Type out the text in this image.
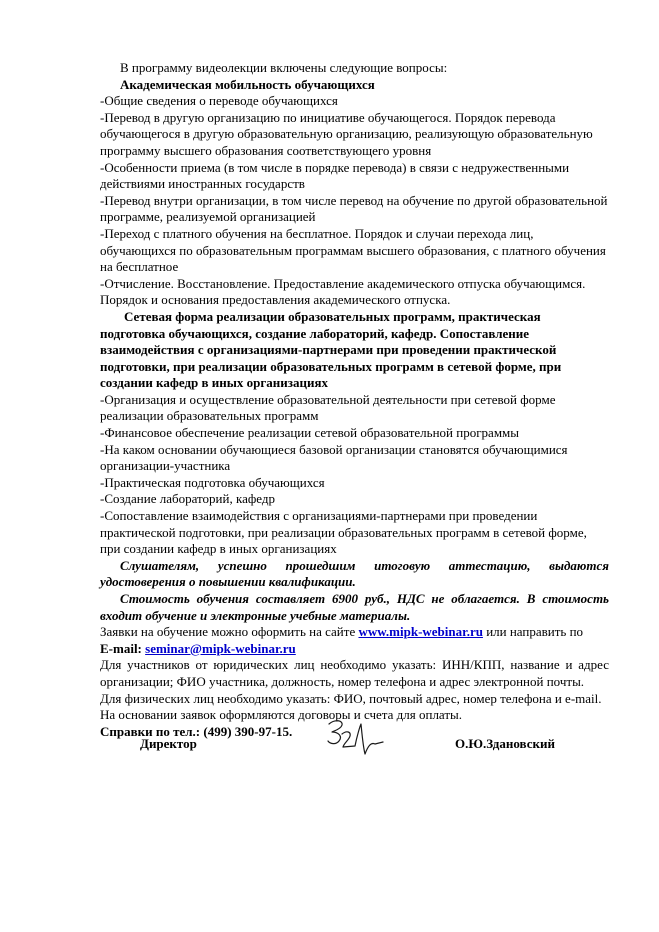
В программу видеолекции включены следующие вопросы:

Академическая мобильность обучающихся

-Общие сведения о переводе обучающихся

-Перевод в другую организацию по инициативе обучающегося. Порядок перевода обучающегося в другую образовательную организацию, реализующую образовательную программу высшего образования соответствующего уровня

-Особенности приема (в том числе в порядке перевода) в связи с недружественными действиями иностранных государств

-Перевод внутри организации, в том числе перевод на обучение по другой образовательной программе, реализуемой организацией

-Переход с платного обучения на бесплатное. Порядок и случаи перехода лиц, обучающихся по образовательным программам высшего образования, с платного обучения на бесплатное

-Отчисление. Восстановление. Предоставление академического отпуска обучающимся. Порядок и основания предоставления академического отпуска.

Сетевая форма реализации образовательных программ, практическая подготовка обучающихся, создание лабораторий, кафедр. Сопоставление взаимодействия с организациями-партнерами при проведении практической подготовки, при реализации образовательных программ в сетевой форме, при создании кафедр в иных организациях

-Организация и осуществление образовательной деятельности при сетевой форме реализации образовательных программ

-Финансовое обеспечение реализации сетевой образовательной программы

-На каком основании обучающиеся базовой организации становятся обучающимися организации-участника

-Практическая подготовка обучающихся

-Создание лабораторий, кафедр

-Сопоставление взаимодействия с организациями-партнерами при проведении практической подготовки, при реализации образовательных программ в сетевой форме, при создании кафедр в иных организациях

Слушателям, успешно прошедшим итоговую аттестацию, выдаются удостоверения о повышении квалификации.

Стоимость обучения составляет 6900 руб., НДС не облагается. В стоимость входит обучение и электронные учебные материалы.

Заявки на обучение можно оформить на сайте www.mipk-webinar.ru или направить по

E-mail: seminar@mipk-webinar.ru

Для участников от юридических лиц необходимо указать: ИНН/КПП, название и адрес организации; ФИО участника, должность, номер телефона и адрес электронной почты.

Для физических лиц необходимо указать: ФИО, почтовый адрес, номер телефона и e-mail.

На основании заявок оформляются договоры и счета для оплаты.

Справки по тел.: (499) 390-97-15.

Директор	О.Ю.Здановский
